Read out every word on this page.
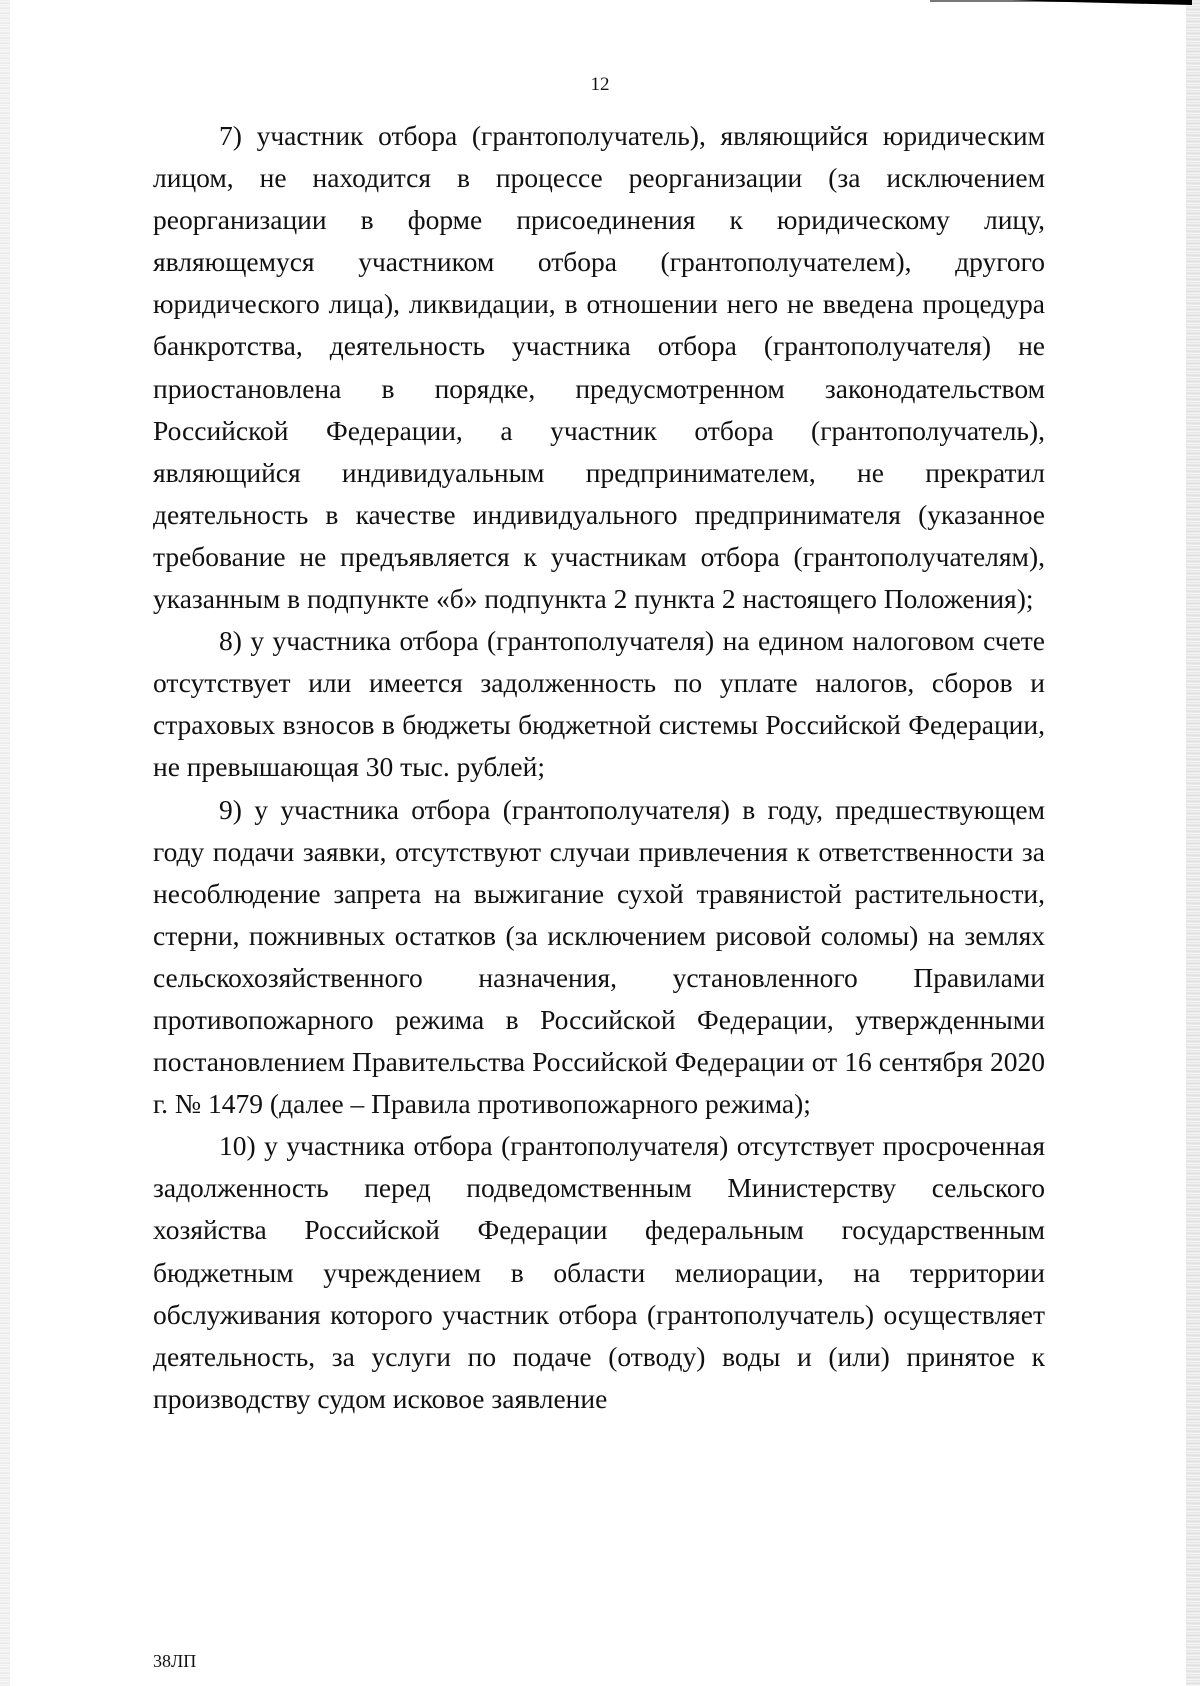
12

7) участник отбора (грантополучатель), являющийся юридическим лицом, не находится в процессе реорганизации (за исключением реорганизации в форме присоединения к юридическому лицу, являющемуся участником отбора (грантополучателем), другого юридического лица), ликвидации, в отношении него не введена процедура банкротства, деятельность участника отбора (грантополучателя) не приостановлена в порядке, предусмотренном законодательством Российской Федерации, а участник отбора (грантополучатель), являющийся индивидуальным предпринимателем, не прекратил деятельность в качестве индивидуального предпринимателя (указанное требование не предъявляется к участникам отбора (грантополучателям), указанным в подпункте «б» подпункта 2 пункта 2 настоящего Положения);

8) у участника отбора (грантополучателя) на едином налоговом счете отсутствует или имеется задолженность по уплате налогов, сборов и страховых взносов в бюджеты бюджетной системы Российской Федерации, не превышающая 30 тыс. рублей;

9) у участника отбора (грантополучателя) в году, предшествующем году подачи заявки, отсутствуют случаи привлечения к ответственности за несоблюдение запрета на выжигание сухой травянистой растительности, стерни, пожнивных остатков (за исключением рисовой соломы) на землях сельскохозяйственного назначения, установленного Правилами противопожарного режима в Российской Федерации, утвержденными постановлением Правительства Российской Федерации от 16 сентября 2020 г. № 1479 (далее – Правила противопожарного режима);

10) у участника отбора (грантополучателя) отсутствует просроченная задолженность перед подведомственным Министерству сельского хозяйства Российской Федерации федеральным государственным бюджетным учреждением в области мелиорации, на территории обслуживания которого участник отбора (грантополучатель) осуществляет деятельность, за услуги по подаче (отводу) воды и (или) принятое к производству судом исковое заявление

38ЛП
